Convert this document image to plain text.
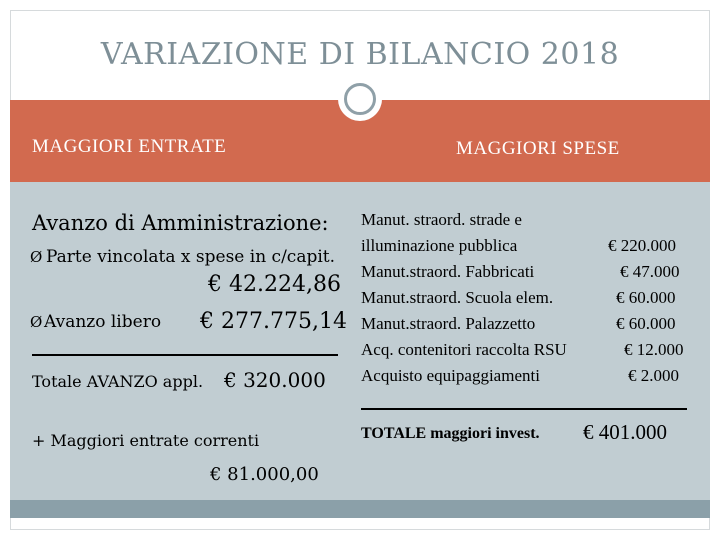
VARIAZIONE DI BILANCIO 2018
MAGGIORI ENTRATE	MAGGIORI SPESE
Avanzo di Amministrazione:
Ø Parte vincolata x spese in c/capit.
€ 42.224,86
Ø Avanzo libero € 277.775,14
Totale AVANZO appl. € 320.000
+ Maggiori entrate correnti
€ 81.000,00
Manut. straord. strade e
illuminazione pubblica	€ 220.000
Manut.straord. Fabbricati	€ 47.000
Manut.straord. Scuola elem.	€ 60.000
Manut.straord. Palazzetto	€ 60.000
Acq. contenitori raccolta RSU	€ 12.000
Acquisto equipaggiamenti	€ 2.000
TOTALE maggiori invest. € 401.000
